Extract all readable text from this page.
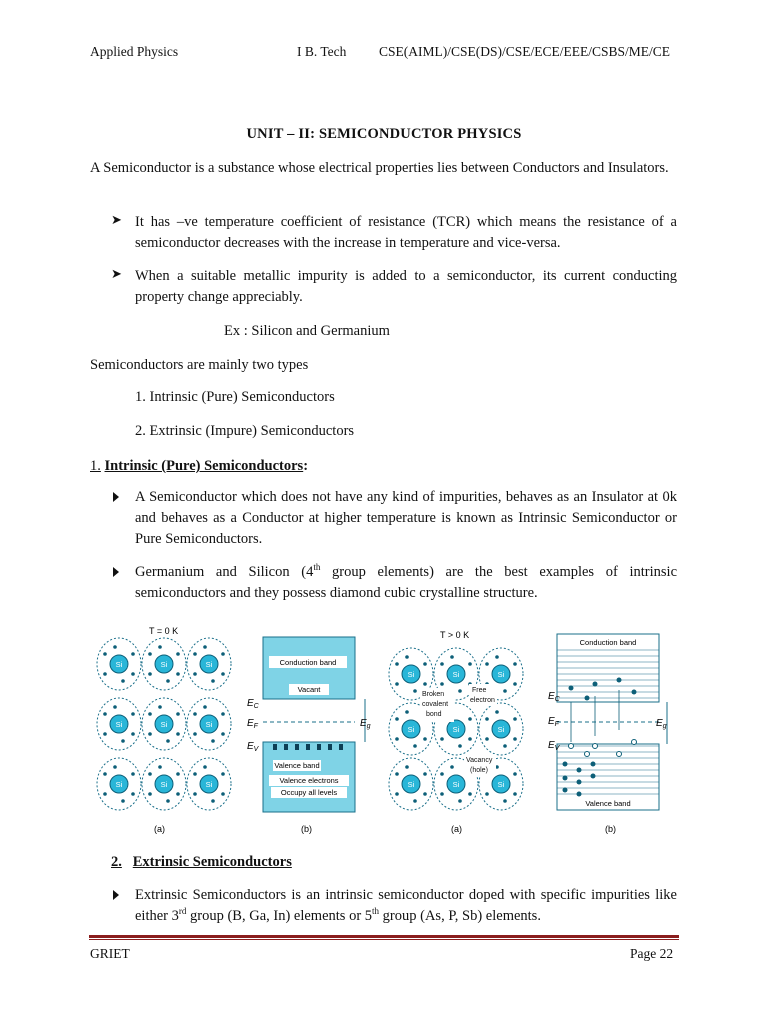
Applied Physics	I B. Tech CSE(AIML)/CSE(DS)/CSE/ECE/EEE/CSBS/ME/CE
UNIT – II: SEMICONDUCTOR PHYSICS
A Semiconductor is a substance whose electrical properties lies between Conductors and Insulators.
➤ It has –ve temperature coefficient of resistance (TCR) which means the resistance of a semiconductor decreases with the increase in temperature and vice-versa.
➤ When a suitable metallic impurity is added to a semiconductor, its current conducting property change appreciably.
Ex : Silicon and Germanium
Semiconductors are mainly two types
1. Intrinsic (Pure) Semiconductors
2. Extrinsic (Impure) Semiconductors
1. Intrinsic (Pure) Semiconductors:
A Semiconductor which does not have any kind of impurities, behaves as an Insulator at 0k and behaves as a Conductor at higher temperature is known as Intrinsic Semiconductor or Pure Semiconductors.
Germanium and Silicon (4th group elements) are the best examples of intrinsic semiconductors and they possess diamond cubic crystalline structure.
Si
Si
Si
Si
Si
Si
Si
Si
Si
T = 0 K
(a)
Conduction band
Vacant
Valence band
Valence electrons
Occupy all levels
$E_C$
$E_F$
$E_V$
$E_g$
(b)
Si
Si
Si
Si
Si
Si
Si
Si
Si
T > 0 K
Broken
covalent
bond
Free
electron
Vacancy
(hole)
(a)
Conduction band
Valence band
$E_C$
$E_F$
$E_V$
$E_g$
(b)
2. Extrinsic Semiconductors
Extrinsic Semiconductors is an intrinsic semiconductor doped with specific impurities like either 3rd group (B, Ga, In) elements or 5th group (As, P, Sb) elements.
GRIET	Page 22
